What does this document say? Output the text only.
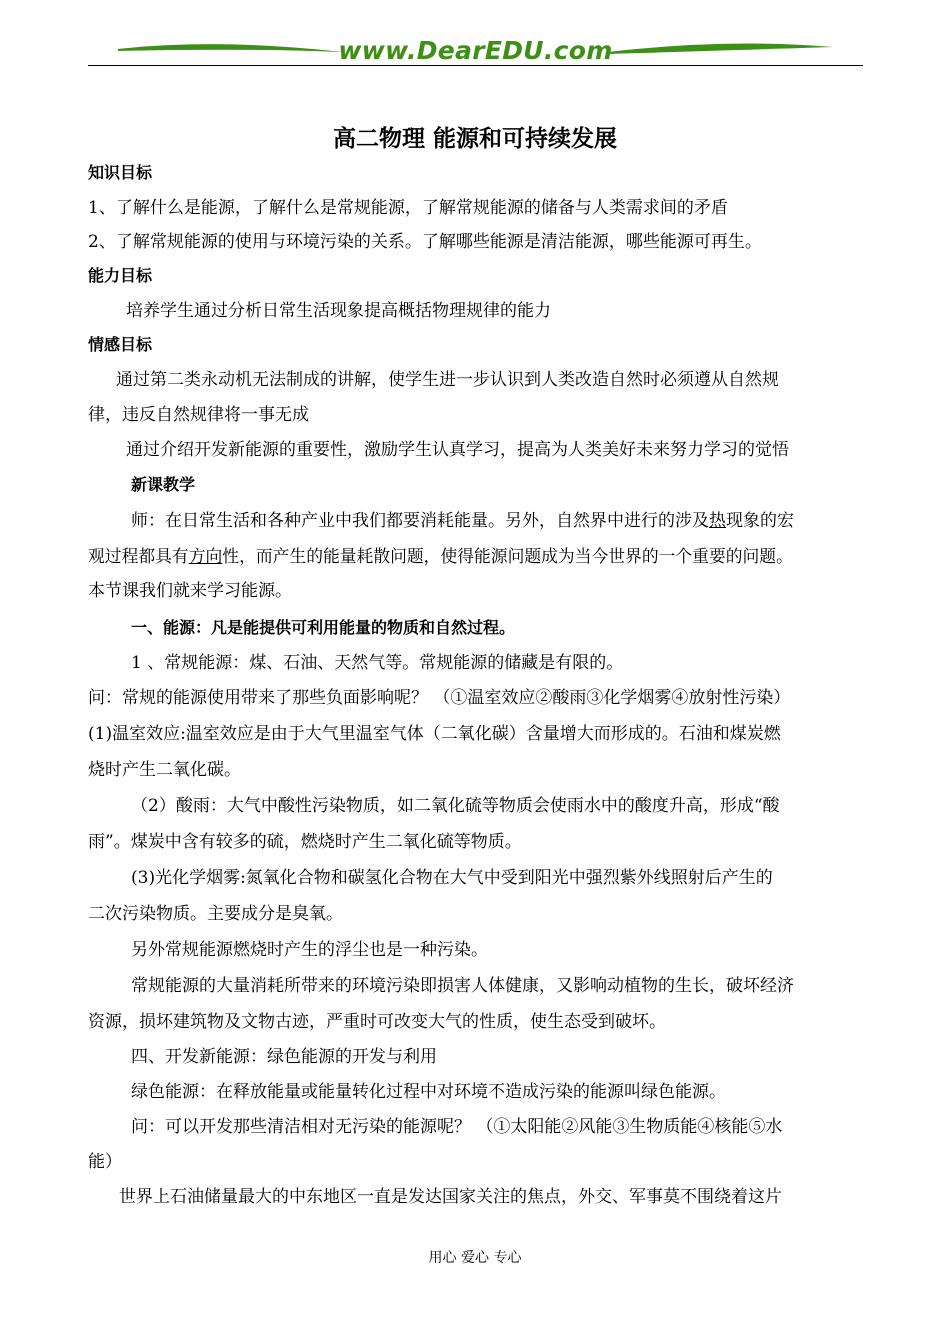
www.DearEDU.com
高二物理 能源和可持续发展
知识目标
1、了解什么是能源，了解什么是常规能源，了解常规能源的储备与人类需求间的矛盾
2、了解常规能源的使用与环境污染的关系。了解哪些能源是清洁能源，哪些能源可再生。
能力目标
培养学生通过分析日常生活现象提高概括物理规律的能力
情感目标
通过第二类永动机无法制成的讲解，使学生进一步认识到人类改造自然时必须遵从自然规
律，违反自然规律将一事无成
通过介绍开发新能源的重要性，激励学生认真学习，提高为人类美好未来努力学习的觉悟
新课教学
师：在日常生活和各种产业中我们都要消耗能量。另外，自然界中进行的涉及热现象的宏
观过程都具有方向性，而产生的能量耗散问题，使得能源问题成为当今世界的一个重要的问题。
本节课我们就来学习能源。
一、能源：凡是能提供可利用能量的物质和自然过程。
1 、常规能源：煤、石油、天然气等。常规能源的储藏是有限的。
问：常规的能源使用带来了那些负面影响呢？ （①温室效应②酸雨③化学烟雾④放射性污染）
(1)温室效应:温室效应是由于大气里温室气体（二氧化碳）含量增大而形成的。石油和煤炭燃
烧时产生二氧化碳。
（2）酸雨：大气中酸性污染物质，如二氧化硫等物质会使雨水中的酸度升高，形成“酸
雨”。煤炭中含有较多的硫，燃烧时产生二氧化硫等物质。
(3)光化学烟雾:氮氧化合物和碳氢化合物在大气中受到阳光中强烈紫外线照射后产生的
二次污染物质。主要成分是臭氧。
另外常规能源燃烧时产生的浮尘也是一种污染。
常规能源的大量消耗所带来的环境污染即损害人体健康，又影响动植物的生长，破坏经济
资源，损坏建筑物及文物古迹，严重时可改变大气的性质，使生态受到破坏。
四、开发新能源：绿色能源的开发与利用
绿色能源：在释放能量或能量转化过程中对环境不造成污染的能源叫绿色能源。
问：可以开发那些清洁相对无污染的能源呢？ （①太阳能②风能③生物质能④核能⑤水
能）
世界上石油储量最大的中东地区一直是发达国家关注的焦点，外交、军事莫不围绕着这片
用心 爱心 专心
